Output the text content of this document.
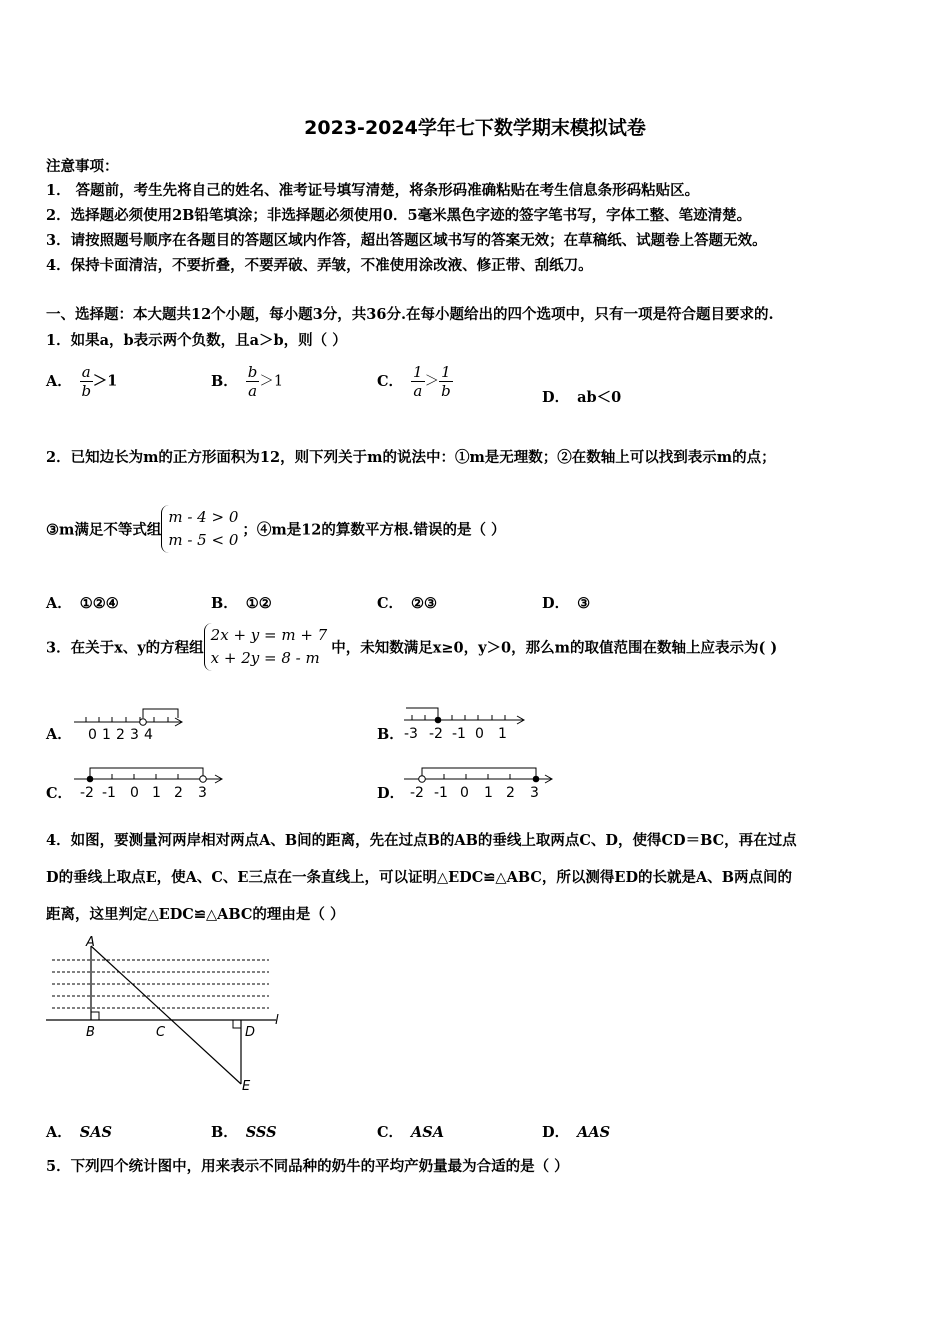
2023-2024学年七下数学期末模拟试卷
注意事项：
1． 答题前，考生先将自己的姓名、准考证号填写清楚，将条形码准确粘贴在考生信息条形码粘贴区。
2．选择题必须使用2B铅笔填涂；非选择题必须使用0．5毫米黑色字迹的签字笔书写，字体工整、笔迹清楚。
3．请按照题号顺序在各题目的答题区域内作答，超出答题区域书写的答案无效；在草稿纸、试题卷上答题无效。
4．保持卡面清洁，不要折叠，不要弄破、弄皱，不准使用涂改液、修正带、刮纸刀。
一、选择题：本大题共12个小题，每小题3分，共36分.在每小题给出的四个选项中，只有一项是符合题目要求的.
1．如果a，b表示两个负数，且a＞b，则（ ）
A． $\frac{a}{b} >1$	B． $\frac{b}{a} >1$	C． $\frac{1}{a} > \frac{1}{b}$	D． ab＜0
2．已知边长为m的正方形面积为12，则下列关于m的说法中：①m是无理数；②在数轴上可以找到表示m的点；
③m满足不等式组
m - 4 > 0
m - 5 < 0
；④m是12的算数平方根.错误的是（ ）
A． ①②④	B． ①②	C． ②③	D． ③
3．在关于x、y的方程组
2x + y = m + 7
x + 2y = 8 - m
中，未知数满足x≥0，y＞0，那么m的取值范围在数轴上应表示为( )
A． 0 1 2 3 4	B． -3 -2 -1 0 1
C． -2 -1 0 1 2 3	D． -2 -1 0 1 2 3
4．如图，要测量河两岸相对两点A、B间的距离，先在过点B的AB的垂线上取两点C、D，使得CD＝BC，再在过点
D的垂线上取点E，使A、C、E三点在一条直线上，可以证明△EDC≌△ABC，所以测得ED的长就是A、B两点间的
距离，这里判定△EDC≌△ABC的理由是（ ）
A
B	C	D
E
l
A． SAS	B． SSS	C． ASA	D． AAS
5．下列四个统计图中，用来表示不同品种的奶牛的平均产奶量最为合适的是（ ）
